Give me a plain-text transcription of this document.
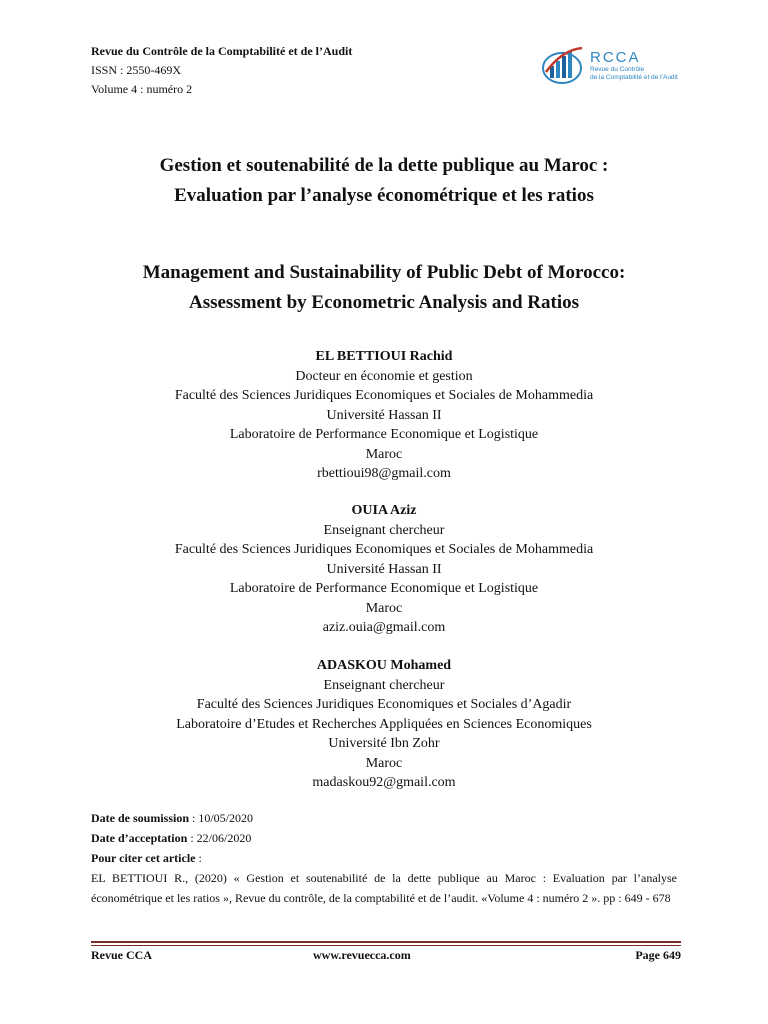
Revue du Contrôle de la Comptabilité et de l’Audit
ISSN : 2550-469X
Volume 4 : numéro 2
RCCA
Revue du Contrôle
de la Comptabilité et de l’Audit
Gestion et soutenabilité de la dette publique au Maroc :
Evaluation par l’analyse économétrique et les ratios
Management and Sustainability of Public Debt of Morocco:
Assessment by Econometric Analysis and Ratios
EL BETTIOUI Rachid
Docteur en économie et gestion
Faculté des Sciences Juridiques Economiques et Sociales de Mohammedia
Université Hassan II
Laboratoire de Performance Economique et Logistique
Maroc
rbettioui98@gmail.com
OUIA Aziz
Enseignant chercheur
Faculté des Sciences Juridiques Economiques et Sociales de Mohammedia
Université Hassan II
Laboratoire de Performance Economique et Logistique
Maroc
aziz.ouia@gmail.com
ADASKOU Mohamed
Enseignant chercheur
Faculté des Sciences Juridiques Economiques et Sociales d’Agadir
Laboratoire d’Etudes et Recherches Appliquées en Sciences Economiques
Université Ibn Zohr
Maroc
madaskou92@gmail.com
Date de soumission : 10/05/2020
Date d’acceptation : 22/06/2020
Pour citer cet article :
EL BETTIOUI R., (2020) « Gestion et soutenabilité de la dette publique au Maroc : Evaluation par l’analyse économétrique et les ratios », Revue du contrôle, de la comptabilité et de l’audit. «Volume 4 : numéro 2 ». pp : 649 - 678
Revue CCA	www.revuecca.com	Page 649
